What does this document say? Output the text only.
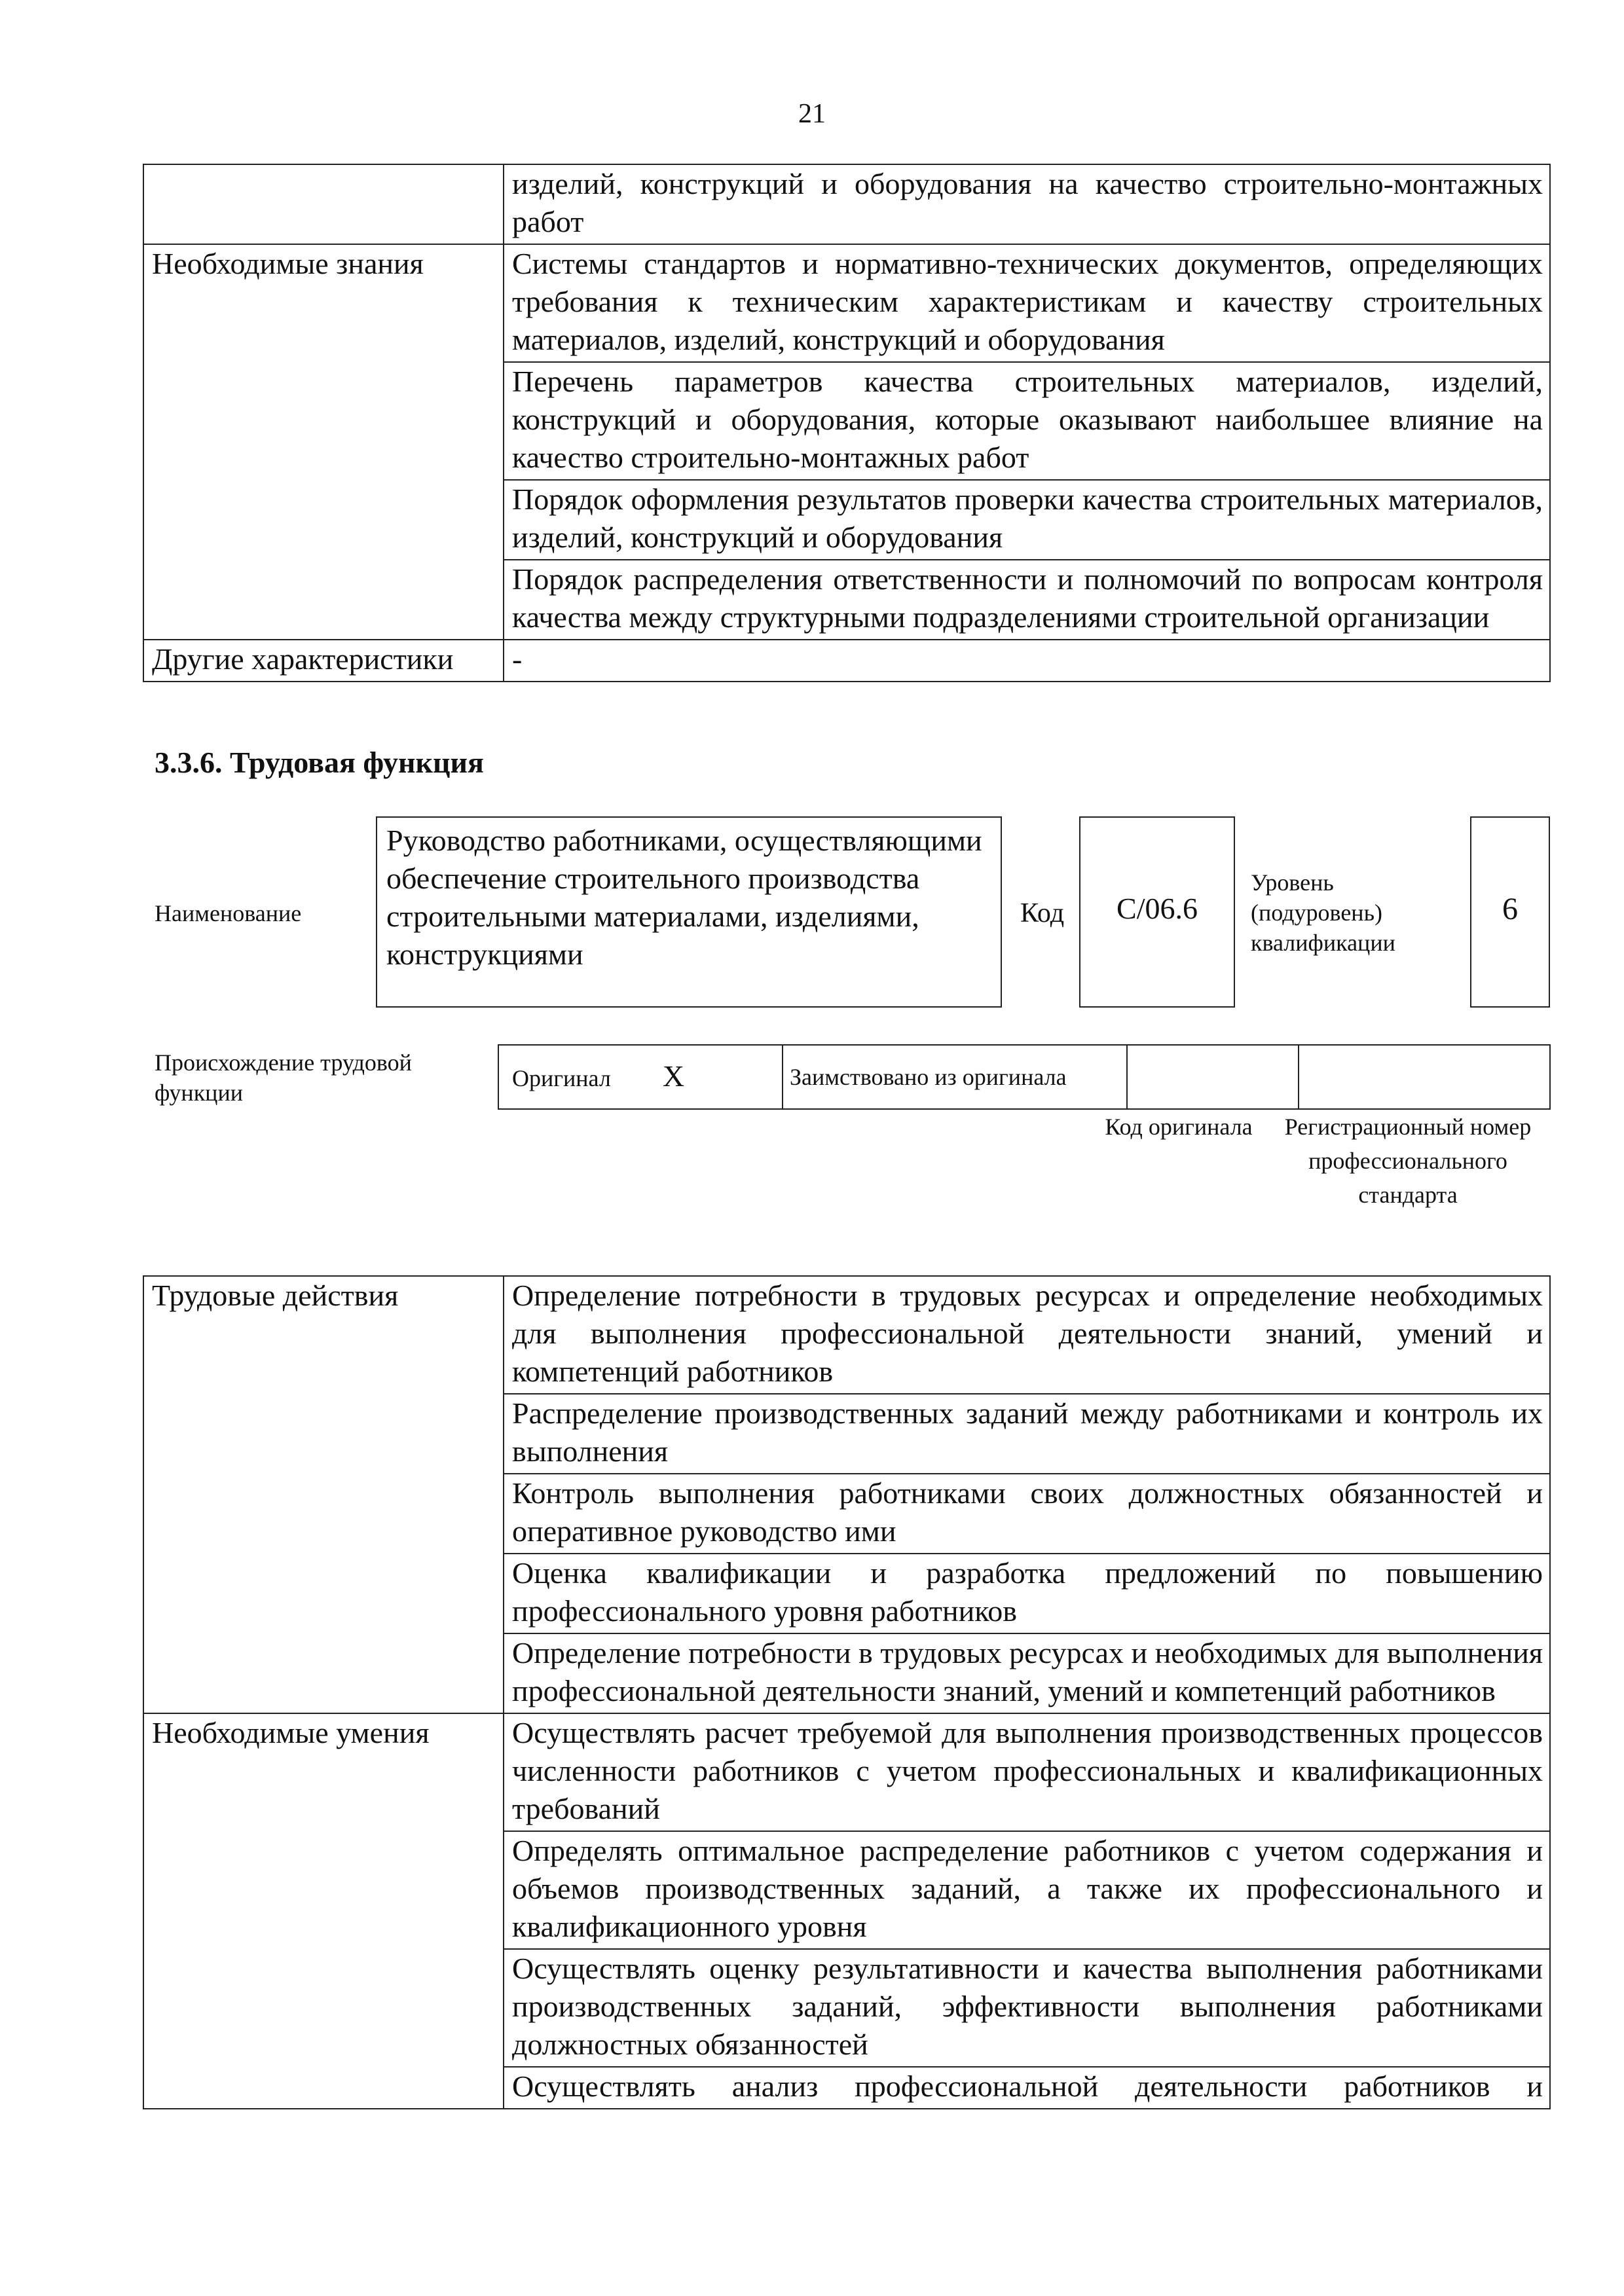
21
	изделий, конструкций и оборудования на качество строительно-монтажных работ
Необходимые знания	Системы стандартов и нормативно-технических документов, определяющих требования к техническим характеристикам и качеству строительных материалов, изделий, конструкций и оборудования
	Перечень параметров качества строительных материалов, изделий, конструкций и оборудования, которые оказывают наибольшее влияние на качество строительно-монтажных работ
	Порядок оформления результатов проверки качества строительных материалов, изделий, конструкций и оборудования
	Порядок распределения ответственности и полномочий по вопросам контроля качества между структурными подразделениями строительной организации
Другие характеристики	-
3.3.6. Трудовая функция
Наименование
Руководство работниками, осуществляющими обеспечение строительного производства строительными материалами, изделиями, конструкциями
Код	С/06.6
Уровень (подуровень) квалификации
6
Происхождение трудовой функции
Оригинал X		Заимствовано из оригинала		
Код оригинала	Регистрационный номер профессионального стандарта
Трудовые действия	Определение потребности в трудовых ресурсах и определение необходимых для выполнения профессиональной деятельности знаний, умений и компетенций работников
	Распределение производственных заданий между работниками и контроль их выполнения
	Контроль выполнения работниками своих должностных обязанностей и оперативное руководство ими
	Оценка квалификации и разработка предложений по повышению профессионального уровня работников
	Определение потребности в трудовых ресурсах и необходимых для выполнения профессиональной деятельности знаний, умений и компетенций работников
Необходимые умения	Осуществлять расчет требуемой для выполнения производственных процессов численности работников с учетом профессиональных и квалификационных требований
	Определять оптимальное распределение работников с учетом содержания и объемов производственных заданий, а также их профессионального и квалификационного уровня
	Осуществлять оценку результативности и качества выполнения работниками производственных заданий, эффективности выполнения работниками должностных обязанностей
	Осуществлять анализ профессиональной деятельности работников и
